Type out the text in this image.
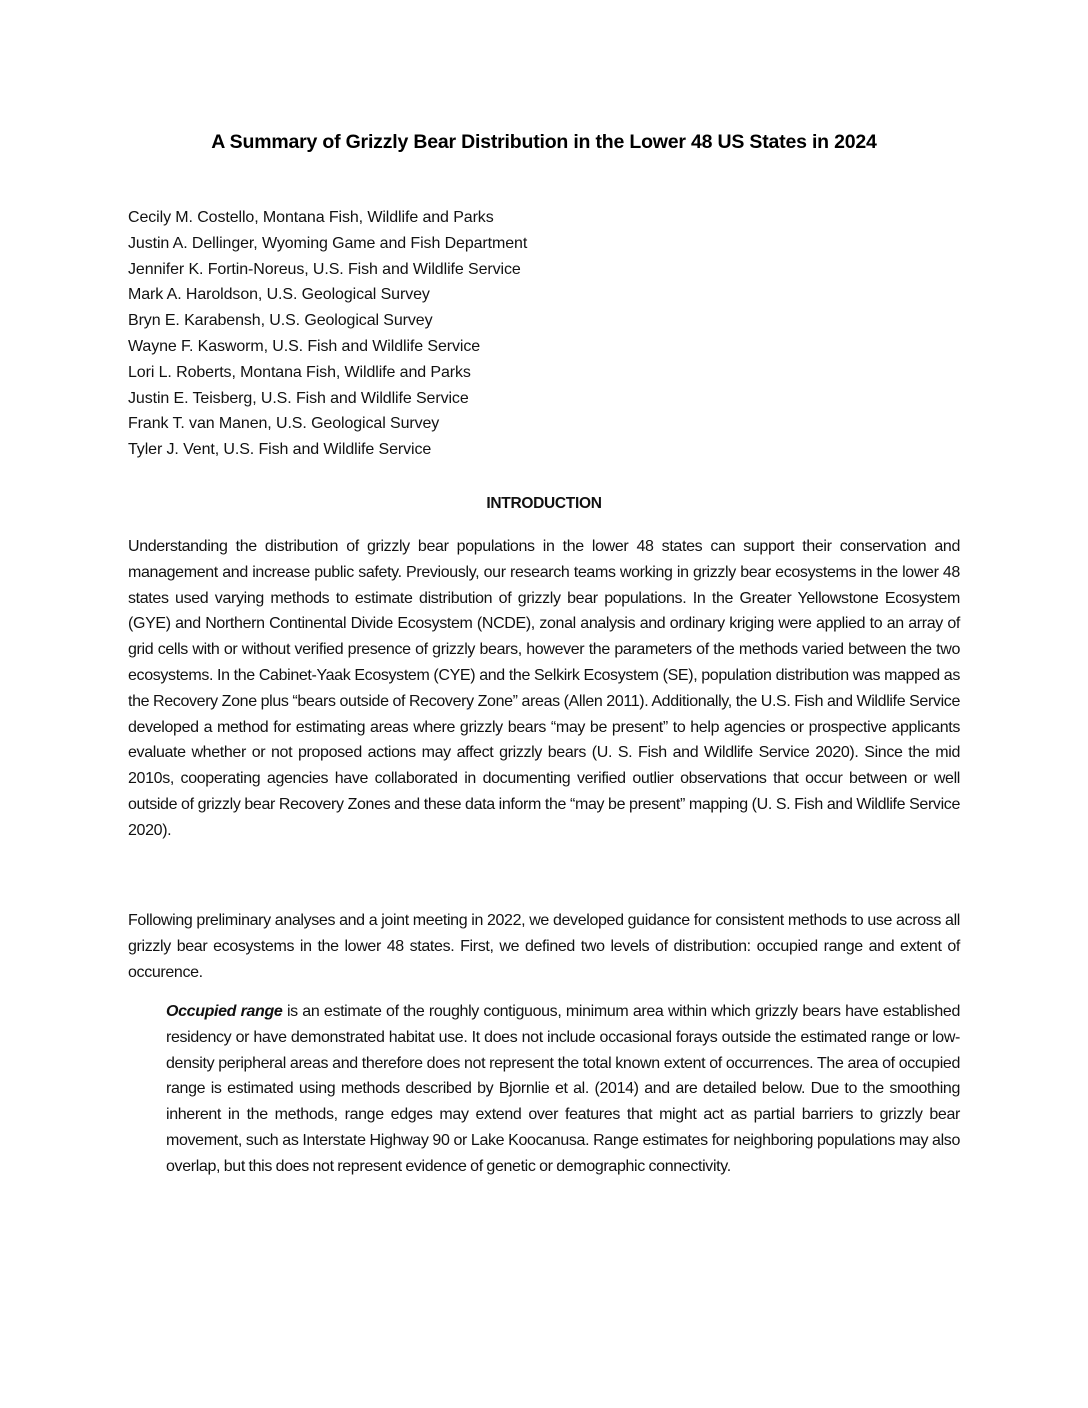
A Summary of Grizzly Bear Distribution in the Lower 48 US States in 2024
Cecily M. Costello, Montana Fish, Wildlife and Parks
Justin A. Dellinger, Wyoming Game and Fish Department
Jennifer K. Fortin-Noreus, U.S. Fish and Wildlife Service
Mark A. Haroldson, U.S. Geological Survey
Bryn E. Karabensh, U.S. Geological Survey
Wayne F. Kasworm, U.S. Fish and Wildlife Service
Lori L. Roberts, Montana Fish, Wildlife and Parks
Justin E. Teisberg, U.S. Fish and Wildlife Service
Frank T. van Manen, U.S. Geological Survey
Tyler J. Vent, U.S. Fish and Wildlife Service
INTRODUCTION

Understanding the distribution of grizzly bear populations in the lower 48 states can support their conservation and management and increase public safety. Previously, our research teams working in grizzly bear ecosystems in the lower 48 states used varying methods to estimate distribution of grizzly bear populations. In the Greater Yellowstone Ecosystem (GYE) and Northern Continental Divide Ecosystem (NCDE), zonal analysis and ordinary kriging were applied to an array of grid cells with or without verified presence of grizzly bears, however the parameters of the methods varied between the two ecosystems. In the Cabinet-Yaak Ecosystem (CYE) and the Selkirk Ecosystem (SE), population distribution was mapped as the Recovery Zone plus “bears outside of Recovery Zone” areas (Allen 2011). Additionally, the U.S. Fish and Wildlife Service developed a method for estimating areas where grizzly bears “may be present” to help agencies or prospective applicants evaluate whether or not proposed actions may affect grizzly bears (U. S. Fish and Wildlife Service 2020). Since the mid 2010s, cooperating agencies have collaborated in documenting verified outlier observations that occur between or well outside of grizzly bear Recovery Zones and these data inform the “may be present” mapping (U. S. Fish and Wildlife Service 2020).

Following preliminary analyses and a joint meeting in 2022, we developed guidance for consistent methods to use across all grizzly bear ecosystems in the lower 48 states. First, we defined two levels of distribution: occupied range and extent of occurence.

Occupied range is an estimate of the roughly contiguous, minimum area within which grizzly bears have established residency or have demonstrated habitat use. It does not include occasional forays outside the estimated range or low-density peripheral areas and therefore does not represent the total known extent of occurrences. The area of occupied range is estimated using methods described by Bjornlie et al. (2014) and are detailed below. Due to the smoothing inherent in the methods, range edges may extend over features that might act as partial barriers to grizzly bear movement, such as Interstate Highway 90 or Lake Koocanusa. Range estimates for neighboring populations may also overlap, but this does not represent evidence of genetic or demographic connectivity.
